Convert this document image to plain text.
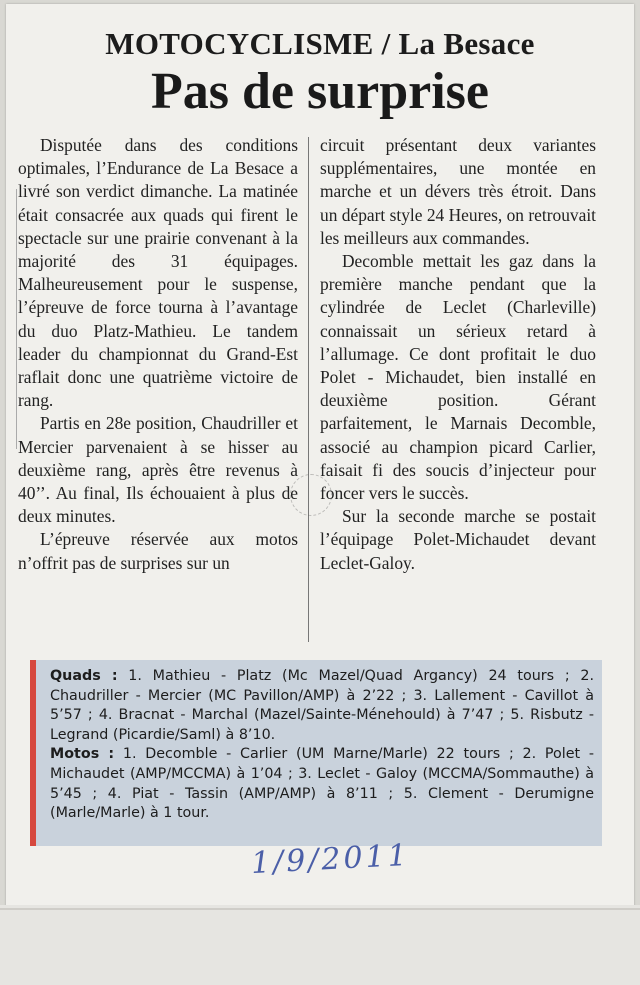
MOTOCYCLISME / La Besace
Pas de surprise

Disputée dans des conditions optimales, l’Endurance de La Besace a livré son verdict dimanche. La matinée était consacrée aux quads qui firent le spectacle sur une prairie convenant à la majorité des 31 équipages. Malheureusement pour le suspense, l’épreuve de force tourna à l’avantage du duo Platz-Mathieu. Le tandem leader du championnat du Grand-Est raflait donc une quatrième victoire de rang.

Partis en 28e position, Chaudriller et Mercier parvenaient à se hisser au deuxième rang, après être revenus à 40’’. Au final, Ils échouaient à plus de deux minutes.

L’épreuve réservée aux motos n’offrit pas de surprises sur un

circuit présentant deux variantes supplémentaires, une montée en marche et un dévers très étroit. Dans un départ style 24 Heures, on retrouvait les meilleurs aux commandes.

Decomble mettait les gaz dans la première manche pendant que la cylindrée de Leclet (Charleville) connaissait un sérieux retard à l’allumage. Ce dont profitait le duo Polet - Michaudet, bien installé en deuxième position. Gérant parfaitement, le Marnais Decomble, associé au champion picard Carlier, faisait fi des soucis d’injecteur pour foncer vers le succès.

Sur la seconde marche se postait l’équipage Polet-Michaudet devant Leclet-Galoy.

Quads : 1. Mathieu - Platz (Mc Mazel/Quad Argancy) 24 tours ; 2. Chaudriller - Mercier (MC Pavillon/AMP) à 2’22 ; 3. Lallement - Cavillot à 5’57 ; 4. Bracnat - Marchal (Mazel/Sainte-Ménehould) à 7’47 ; 5. Risbutz - Legrand (Picardie/Saml) à 8’10.
Motos : 1. Decomble - Carlier (UM Marne/Marle) 22 tours ; 2. Polet - Michaudet (AMP/MCCMA) à 1’04 ; 3. Leclet - Galoy (MCCMA/Sommauthe) à 5’45 ; 4. Piat - Tassin (AMP/AMP) à 8’11 ; 5. Clement - Derumigne (Marle/Marle) à 1 tour.
1/9/2011
